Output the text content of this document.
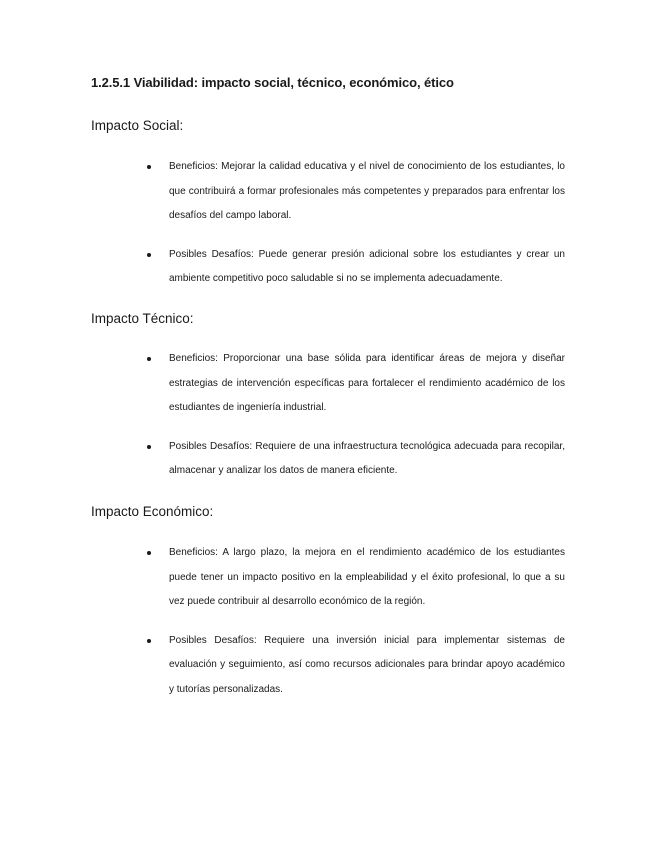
1.2.5.1 Viabilidad: impacto social, técnico, económico, ético
Impacto Social:
Beneficios: Mejorar la calidad educativa y el nivel de conocimiento de los estudiantes, lo que contribuirá a formar profesionales más competentes y preparados para enfrentar los desafíos del campo laboral.
Posibles Desafíos: Puede generar presión adicional sobre los estudiantes y crear un ambiente competitivo poco saludable si no se implementa adecuadamente.
Impacto Técnico:
Beneficios: Proporcionar una base sólida para identificar áreas de mejora y diseñar estrategias de intervención específicas para fortalecer el rendimiento académico de los estudiantes de ingeniería industrial.
Posibles Desafíos: Requiere de una infraestructura tecnológica adecuada para recopilar, almacenar y analizar los datos de manera eficiente.
Impacto Económico:
Beneficios: A largo plazo, la mejora en el rendimiento académico de los estudiantes puede tener un impacto positivo en la empleabilidad y el éxito profesional, lo que a su vez puede contribuir al desarrollo económico de la región.
Posibles Desafíos: Requiere una inversión inicial para implementar sistemas de evaluación y seguimiento, así como recursos adicionales para brindar apoyo académico y tutorías personalizadas.
